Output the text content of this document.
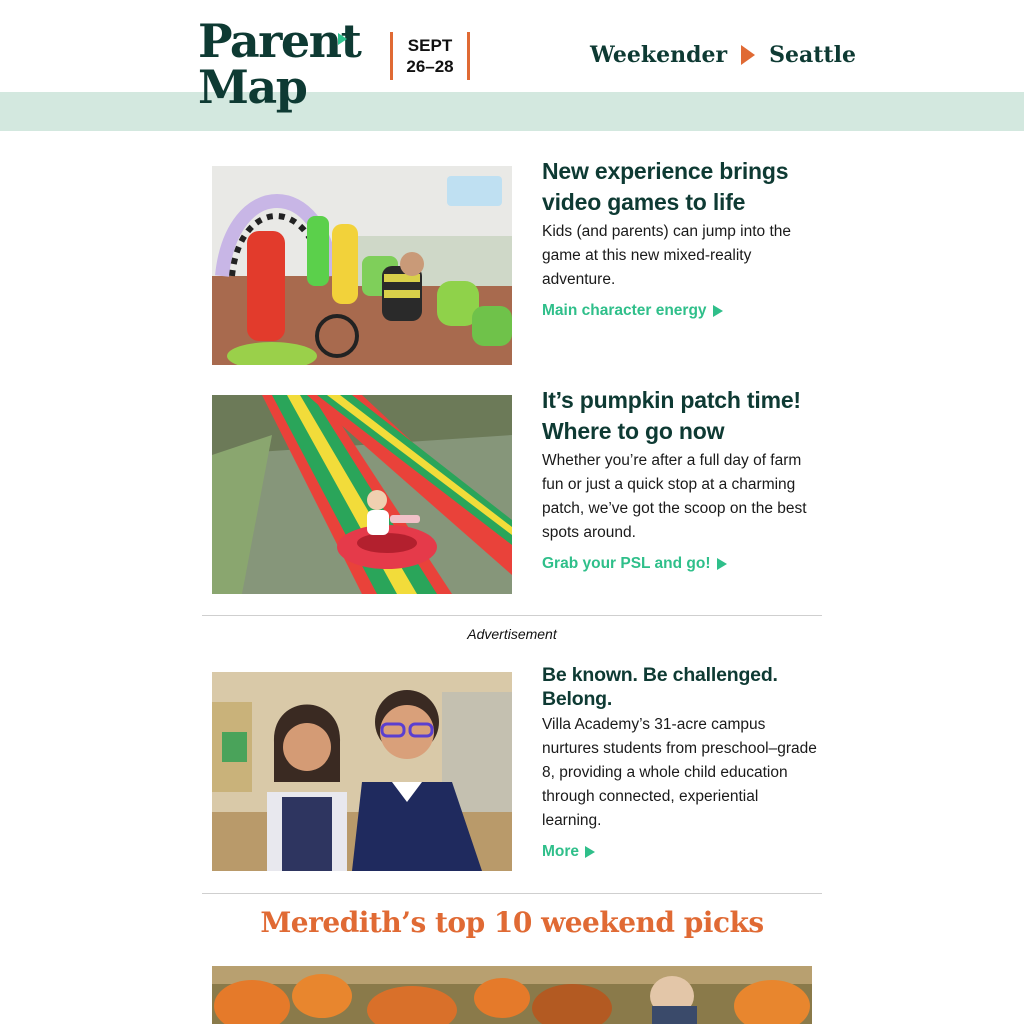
Parent
Map
SEPT
26–28	Weekender Seattle
New experience brings video games to life

Kids (and parents) can jump into the game at this new mixed-reality adventure.

Main character energy
It’s pumpkin patch time! Where to go now

Whether you’re after a full day of farm fun or just a quick stop at a charming patch, we’ve got the scoop on the best spots around.

Grab your PSL and go!
Advertisement
Be known. Be challenged. Belong.

Villa Academy’s 31-acre campus nurtures students from preschool–grade 8, providing a whole child education through connected, experiential learning.

More
Meredith’s top 10 weekend picks
